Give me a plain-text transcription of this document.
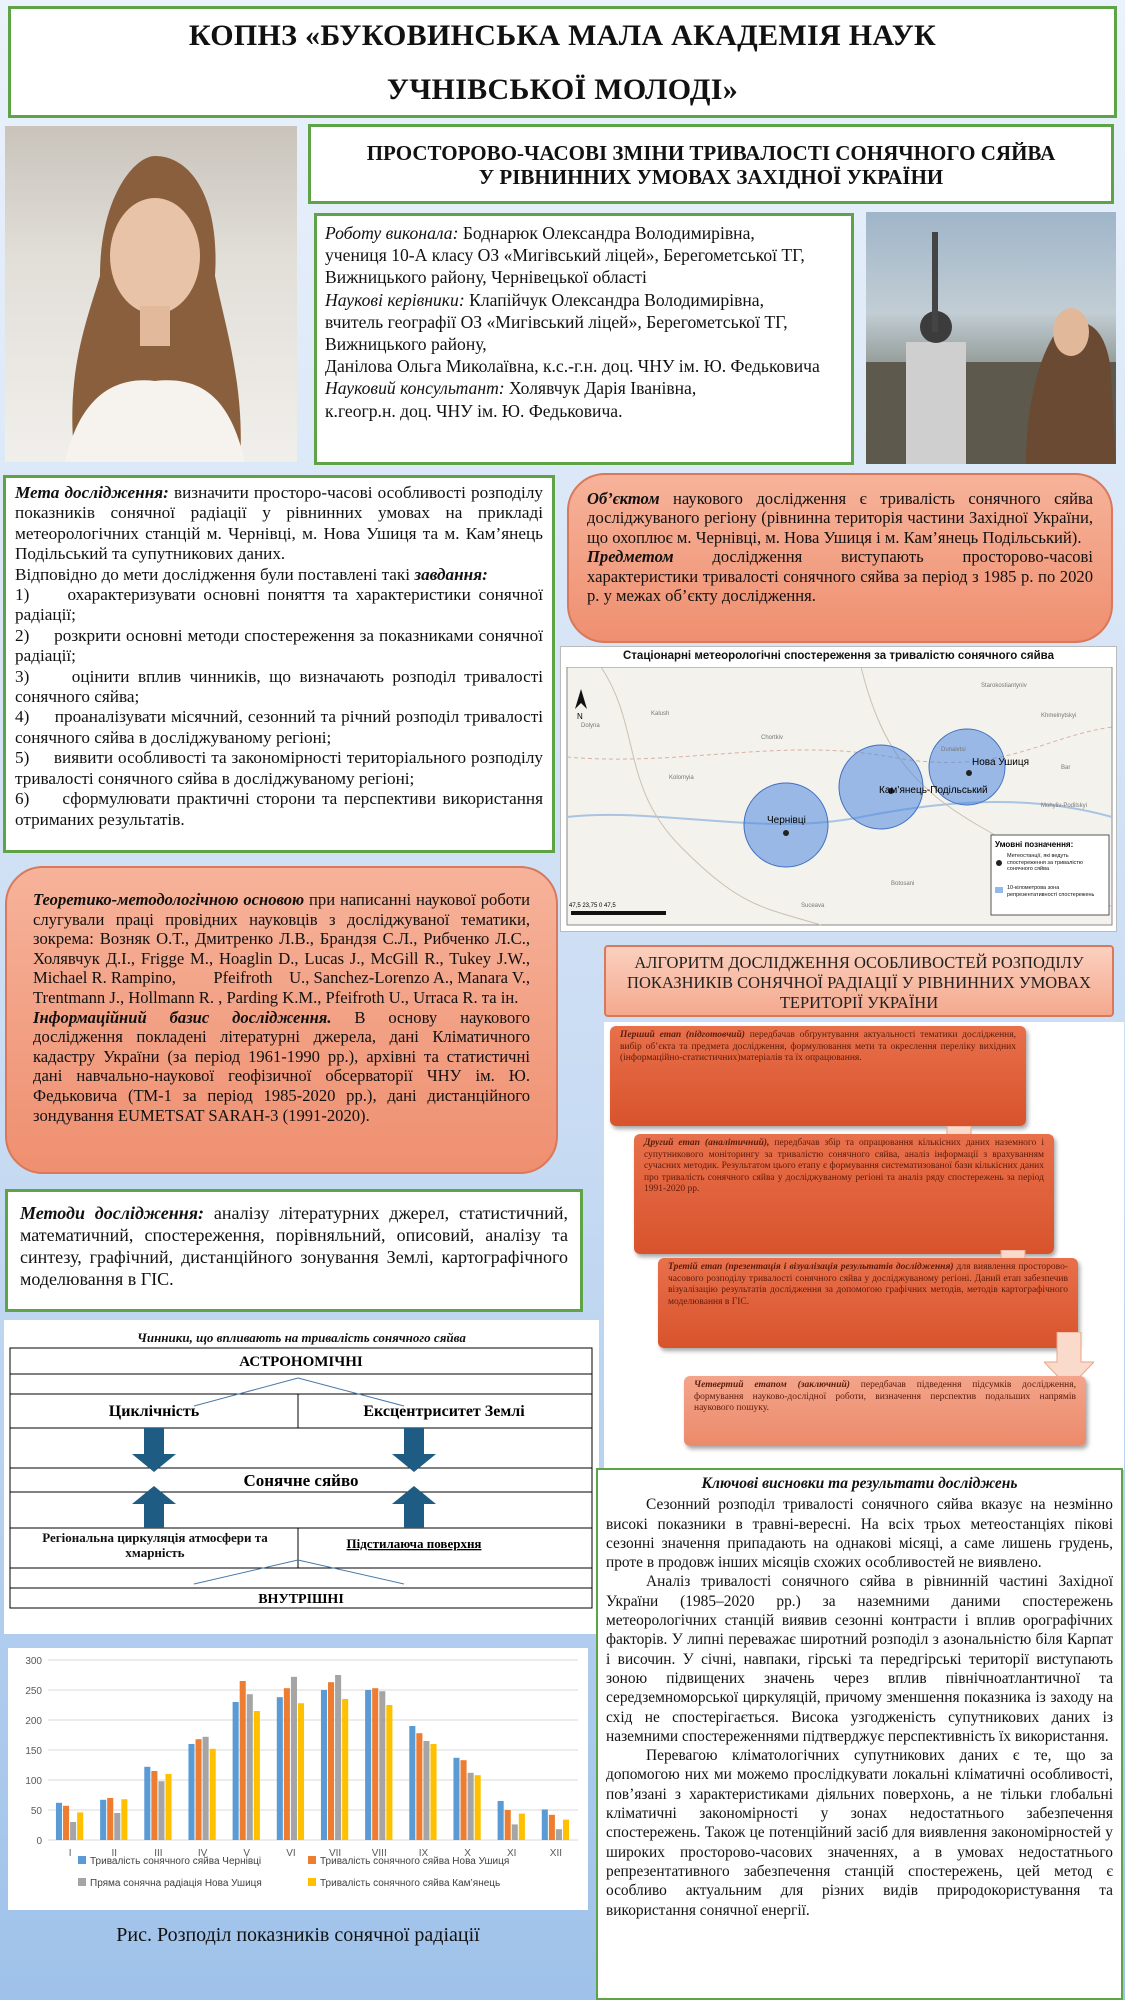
КОПНЗ «БУКОВИНСЬКА МАЛА АКАДЕМІЯ НАУК
УЧНІВСЬКОЇ МОЛОДІ»
ПРОСТОРОВО-ЧАСОВІ ЗМІНИ ТРИВАЛОСТІ СОНЯЧНОГО СЯЙВА
У РІВНИННИХ УМОВАХ ЗАХІДНОЇ УКРАЇНИ
Роботу виконала: Боднарюк Олександра Володимирівна,
учениця 10-А класу ОЗ «Мигівський ліцей», Берегометської ТГ,
Вижницького району, Чернівецької області
Наукові керівники: Клапійчук Олександра Володимирівна,
вчитель географії ОЗ «Мигівський ліцей», Берегометської ТГ,
Вижницького району,
Данілова Ольга Миколаївна, к.с.-г.н. доц. ЧНУ ім. Ю. Федьковича
Науковий консультант: Холявчук Дарія Іванівна,
к.геогр.н. доц. ЧНУ ім. Ю. Федьковича.
Мета дослідження: визначити просторо-часові особливості розподілу показників сонячної радіації у рівнинних умовах на прикладі метеорологічних станцій м. Чернівці, м. Нова Ушиця та м. Кам’янець Подільський та супутникових даних.
Відповідно до мети дослідження були поставлені такі завдання:
1)     охарактеризувати основні поняття та характеристики сонячної радіації;
2)     розкрити основні методи спостереження за показниками сонячної радіації;
3)     оцінити вплив чинників, що визначають розподіл тривалості сонячного сяйва;
4)     проаналізувати місячний, сезонний та річний розподіл тривалості сонячного сяйва в досліджуваному регіоні;
5)     виявити особливості та закономірності територіального розподілу тривалості сонячного сяйва в досліджуваному регіоні;
6)     сформулювати практичні сторони та перспективи використання отриманих результатів.
Об’єктом наукового дослідження є тривалість сонячного сяйва досліджуваного регіону (рівнинна територія частини Західної України, що охоплює м. Чернівці, м. Нова Ушиця і м. Кам’янець Подільський).
Предметом дослідження виступають просторово-часові характеристики тривалості сонячного сяйва за період з 1985 р. по 2020 р. у межах об’єкту дослідження.
Стаціонарні метеорологічні спостереження за тривалістю сонячного сяйва
Чернівці
Кам’янець-Подільський
Нова Ушиця
Starokostiantyniv
Khmelnytskyi
Kolomyia
Dunaivtsi
Mohyliv-Podilskyi
Botosani
Suceava
Dolyna
Kalush
Chortkiv
Bar
N
47,5 23,75 0 47,5
Умовні позначення:
Метеостанції, які ведуть спостереження за тривалістю сонячного сяйва
10-кілометрова зона репрезентативності спостережень
Теоретико-методологічною основою при написанні наукової роботи слугували праці провідних науковців з досліджуваної тематики, зокрема: Возняк О.Т., Дмитренко Л.В., Брандзя С.Л., Рибченко Л.С., Холявчук Д.І., Frigge M., Hoaglin D., Lucas J., McGill R., Tukey J.W., Michael R. Rampino,         Pfeifroth    U., Sanchez-Lorenzo A., Manara V., Trentmann J., Hollmann R. , Parding K.M., Pfeifroth U., Urraca R. та ін.
Інформаційний базис дослідження. В основу наукового дослідження покладені літературні джерела, дані Кліматичного кадастру України (за період 1961-1990 рр.), архівні та статистичні дані навчально-наукової геофізичної обсерваторії ЧНУ ім. Ю. Федьковича (ТМ-1 за період 1985-2020 рр.), дані дистанційного зондування EUMETSAT SARAH-3 (1991-2020).
АЛГОРИТМ ДОСЛІДЖЕННЯ ОСОБЛИВОСТЕЙ РОЗПОДІЛУ ПОКАЗНИКІВ СОНЯЧНОЇ РАДІАЦІЇ У РІВНИННИХ УМОВАХ ТЕРИТОРІЇ УКРАЇНИ
Перший етап (підготовчий) передбачав обґрунтування актуальності тематики дослідження, вибір об’єкта та предмета дослідження, формулювання мети та окреслення переліку вихідних (інформаційно-статистичних)матеріалів та їх опрацювання.
Другий етап (аналітичний), передбачав збір та опрацювання кількісних даних наземного і супутникового моніторингу за тривалістю сонячного сяйва, аналіз інформації з врахуванням сучасних методик. Результатом цього етапу є формування систематизованої бази кількісних даних про тривалість сонячного сяйва у досліджуваному регіоні та аналіз ряду спостережень за період 1991-2020 рр.
Третій етап (презентація і візуалізація результатів дослідження) для виявлення просторово-часового розподілу тривалості сонячного сяйва у досліджуваному регіоні. Даний етап забезпечив візуалізацію результатів дослідження за допомогою графічних методів, методів картографічного моделювання в ГІС.
Четвертий етапом (заключний) передбачав підведення підсумків дослідження, формування науково-дослідної роботи, визначення перспектив подальших напрямів наукового пошуку.
Методи дослідження: аналізу літературних джерел, статистичний, математичний, спостереження, порівняльний, описовий, аналізу та синтезу, графічний, дистанційного зонування Землі, картографічного моделювання в ГІС.
Чинники, що впливають на тривалість сонячного сяйва
АСТРОНОМІЧНІ
Циклічність	Ексцентриситет Землі
Сонячне сяйво
Регіональна циркуляція атмосфери та хмарність
Підстилаюча поверхня
ВНУТРІШНІ
0
50
100
150
200
250
300
I	II	III	IV	V	VI	VII	VIII	IX	X	XI	XII
Тривалість сонячного сяйва Чернівці	Тривалість сонячного сяйва Нова Ушиця
Пряма сонячна радіація Нова Ушиця	Тривалість сонячного сяйва Кам’янець
Рис. Розподіл показників сонячної радіації
Ключові висновки та результати досліджень

Сезонний розподіл тривалості сонячного сяйва вказує на незмінно високі показники в травні-вересні. На всіх трьох метеостанціях пікові сезонні значення припадають на однакові місяці, а саме лишень грудень, проте в продовж інших місяців схожих особливостей не виявлено.

Аналіз тривалості сонячного сяйва в рівнинній частині Західної України (1985–2020 рр.) за наземними даними спостережень метеорологічних станцій виявив сезонні контрасти і вплив орографічних факторів. У липні переважає широтний розподіл з азональністю біля Карпат і височин. У січні, навпаки, гірські та передгірські території виступають зоною підвищених значень через вплив північноатлантичної та середземноморської циркуляцій, причому зменшення показника із заходу на схід не спостерігається. Висока узгодженість супутникових даних із наземними спостереженнями підтверджує перспективність їх використання.

Перевагою кліматологічних супутникових даних є те, що за допомогою них ми можемо прослідкувати локальні кліматичні особливості, пов’язані з характеристиками діяльних поверхонь, а не тільки глобальні кліматичні закономірності у зонах недостатнього забезпечення спостережень. Також це потенційний засіб для виявлення закономірностей у широких просторово-часових значеннях, а в умовах недостатнього репрезентативного забезпечення станцій спостережень, цей метод є особливо актуальним для різних видів природокористування та використання сонячної енергії.
